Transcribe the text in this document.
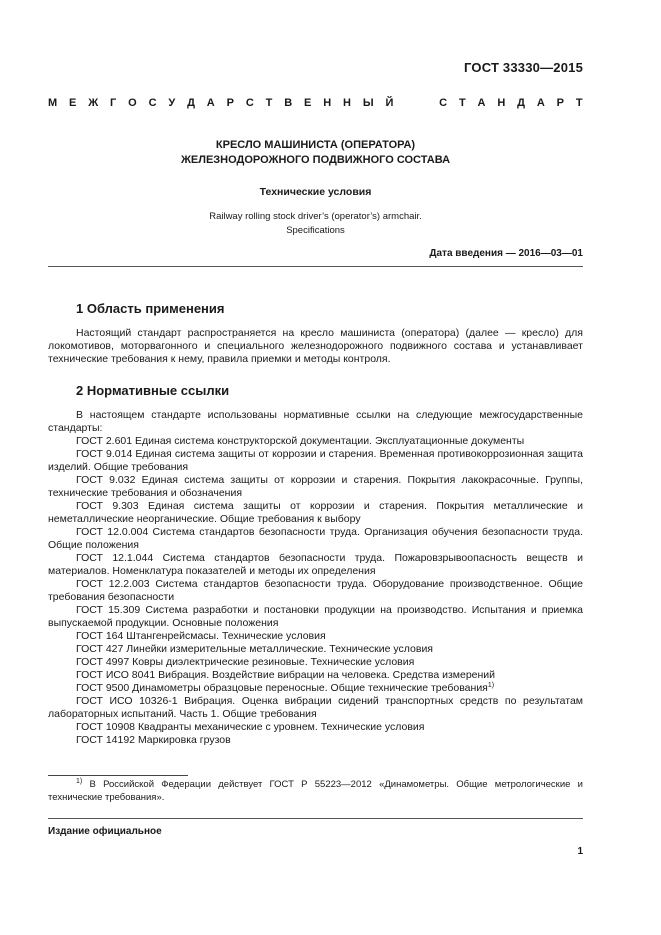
ГОСТ 33330—2015
М Е Ж Г О С У Д А Р С Т В Е Н Н Ы Й	С Т А Н Д А Р Т
КРЕСЛО МАШИНИСТА (ОПЕРАТОРА)
ЖЕЛЕЗНОДОРОЖНОГО ПОДВИЖНОГО СОСТАВА
Технические условия
Railway rolling stock driver’s (operator’s) armchair.
Specifications
Дата введения — 2016—03—01
1 Область применения

Настоящий стандарт распространяется на кресло машиниста (оператора) (далее — кресло) для локомотивов, моторвагонного и специального железнодорожного подвижного состава и устанавливает технические требования к нему, правила приемки и методы контроля.

2 Нормативные ссылки

В настоящем стандарте использованы нормативные ссылки на следующие межгосударственные стандарты:

ГОСТ 2.601 Единая система конструкторской документации. Эксплуатационные документы

ГОСТ 9.014 Единая система защиты от коррозии и старения. Временная противокоррозионная защита изделий. Общие требования

ГОСТ 9.032 Единая система защиты от коррозии и старения. Покрытия лакокрасочные. Группы, технические требования и обозначения

ГОСТ 9.303 Единая система защиты от коррозии и старения. Покрытия металлические и неметаллические неорганические. Общие требования к выбору

ГОСТ 12.0.004 Система стандартов безопасности труда. Организация обучения безопасности труда. Общие положения

ГОСТ 12.1.044 Система стандартов безопасности труда. Пожаровзрывоопасность веществ и материалов. Номенклатура показателей и методы их определения

ГОСТ 12.2.003 Система стандартов безопасности труда. Оборудование производственное. Общие требования безопасности

ГОСТ 15.309 Система разработки и постановки продукции на производство. Испытания и приемка выпускаемой продукции. Основные положения

ГОСТ 164 Штангенрейсмасы. Технические условия

ГОСТ 427 Линейки измерительные металлические. Технические условия

ГОСТ 4997 Ковры диэлектрические резиновые. Технические условия

ГОСТ ИСО 8041 Вибрация. Воздействие вибрации на человека. Средства измерений

ГОСТ 9500 Динамометры образцовые переносные. Общие технические требования$^{1)}$

ГОСТ ИСО 10326-1 Вибрация. Оценка вибрации сидений транспортных средств по результатам лабораторных испытаний. Часть 1. Общие требования

ГОСТ 10908 Квадранты механические с уровнем. Технические условия

ГОСТ 14192 Маркировка грузов

$^{1)}$ В Российской Федерации действует ГОСТ Р 55223—2012 «Динамометры. Общие метрологические и технические требования».
Издание официальное
1
